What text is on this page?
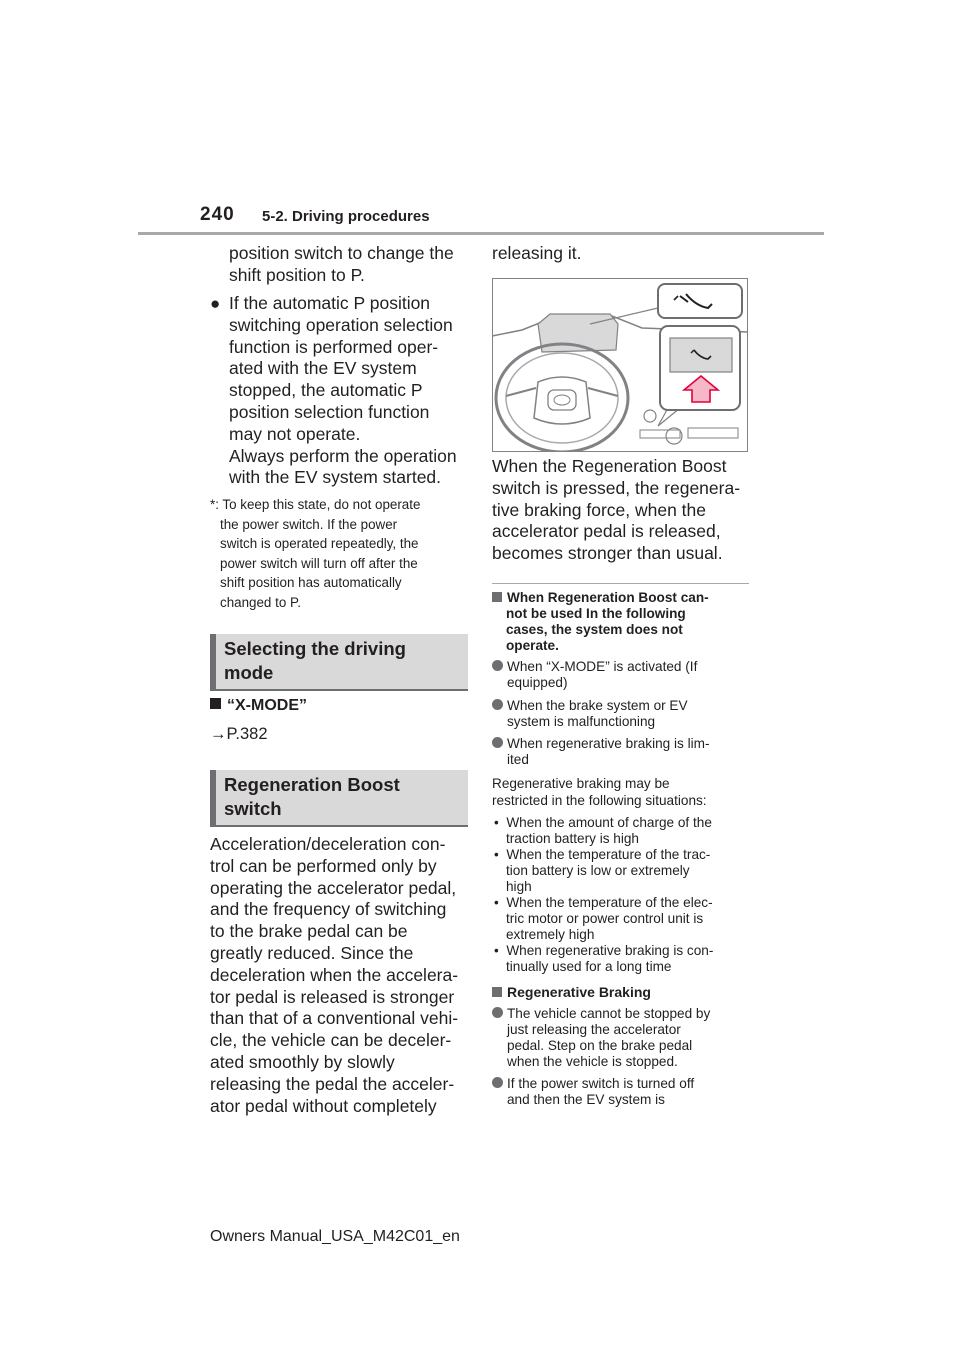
240 5-2. Driving procedures
position switch to change the
shift position to P.
● If the automatic P position
switching operation selection
function is performed oper-
ated with the EV system
stopped, the automatic P
position selection function
may not operate.
Always perform the operation
with the EV system started.
*: To keep this state, do not operate
the power switch. If the power
switch is operated repeatedly, the
power switch will turn off after the
shift position has automatically
changed to P.
Selecting the driving
mode
“X-MODE”
→P.382
Regeneration Boost
switch
Acceleration/deceleration con-
trol can be performed only by
operating the accelerator pedal,
and the frequency of switching
to the brake pedal can be
greatly reduced. Since the
deceleration when the accelera-
tor pedal is released is stronger
than that of a conventional vehi-
cle, the vehicle can be deceler-
ated smoothly by slowly
releasing the pedal the acceler-
ator pedal without completely
releasing it.
When the Regeneration Boost
switch is pressed, the regenera-
tive braking force, when the
accelerator pedal is released,
becomes stronger than usual.
When Regeneration Boost can-
not be used In the following
cases, the system does not
operate.
When “X-MODE” is activated (If
equipped)
When the brake system or EV
system is malfunctioning
When regenerative braking is lim-
ited
Regenerative braking may be
restricted in the following situations:
•  When the amount of charge of the
traction battery is high
•  When the temperature of the trac-
tion battery is low or extremely
high
•  When the temperature of the elec-
tric motor or power control unit is
extremely high
•  When regenerative braking is con-
tinually used for a long time
Regenerative Braking
The vehicle cannot be stopped by
just releasing the accelerator
pedal. Step on the brake pedal
when the vehicle is stopped.
If the power switch is turned off
and then the EV system is
Owners Manual_USA_M42C01_en
